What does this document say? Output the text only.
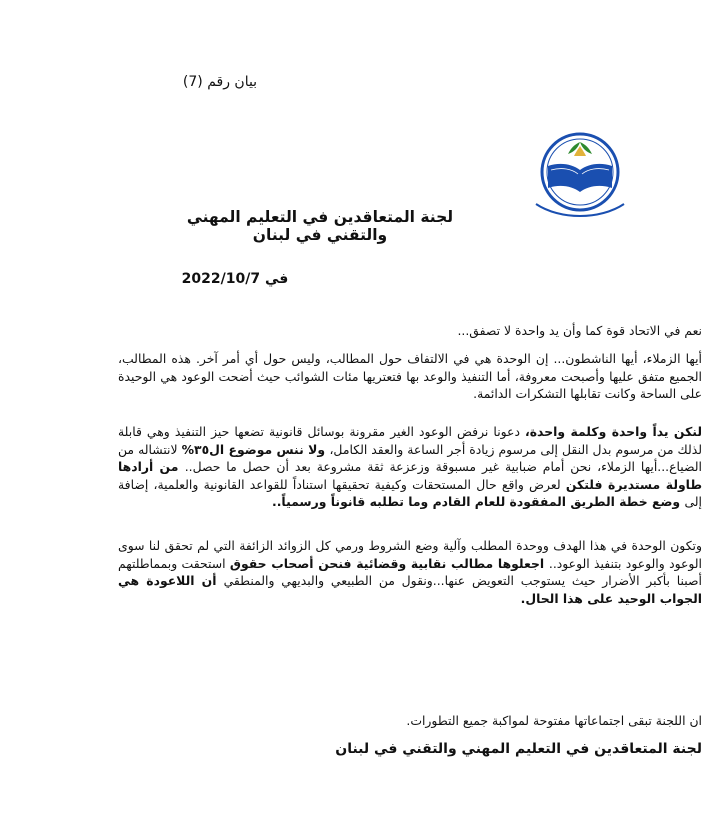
بيان رقم (7)
لجنة المتعاقدين في التعليم المهني والتقني في لبنان
في 2022/10/7

نعم في الاتحاد قوة كما وأن يد واحدة لا تصفق...

أيها الزملاء، أيها الناشطون... إن الوحدة هي في الالتفاف حول المطالب، وليس حول أي أمر آخر. هذه المطالب، الجميع متفق عليها وأصبحت معروفة، أما التنفيذ والوعد بها فتعتريها مئات الشوائب حيث أضحت الوعود هي الوحيدة على الساحة وكانت تقابلها التشكرات الدائمة.

لنكن يداً واحدة وكلمة واحدة، دعونا نرفض الوعود الغير مقرونة بوسائل قانونية تضعها حيز التنفيذ وهي قابلة لذلك من مرسوم بدل النقل إلى مرسوم زيادة أجر الساعة والعقد الكامل، ولا ننس موضوع ال٣٥% لانتشاله من الضياع...أيها الزملاء، نحن أمام ضبابية غير مسبوقة وزعزعة ثقة مشروعة بعد أن حصل ما حصل.. من أرادها طاولة مستديرة فلتكن لعرض واقع حال المستحقات وكيفية تحقيقها استناداً للقواعد القانونية والعلمية، إضافة إلى وضع خطة الطريق المفقودة للعام القادم وما تطلبه قانوناً ورسمياً..

وتكون الوحدة في هذا الهدف ووحدة المطلب وآلية وضع الشروط ورمي كل الزوائد الزائفة التي لم تحقق لنا سوى الوعود والوعود بتنفيذ الوعود.. اجعلوها مطالب نقابية وقضائية فنحن أصحاب حقوق استحقت وبمماطلتهم أصبنا بأكبر الأضرار حيث يستوجب التعويض عنها...ونقول من الطبيعي والبديهي والمنطقي أن اللاعودة هي الجواب الوحيد على هذا الحال.

ان اللجنة تبقى اجتماعاتها مفتوحة لمواكبة جميع التطورات.
لجنة المتعاقدين في التعليم المهني والتقني في لبنان
